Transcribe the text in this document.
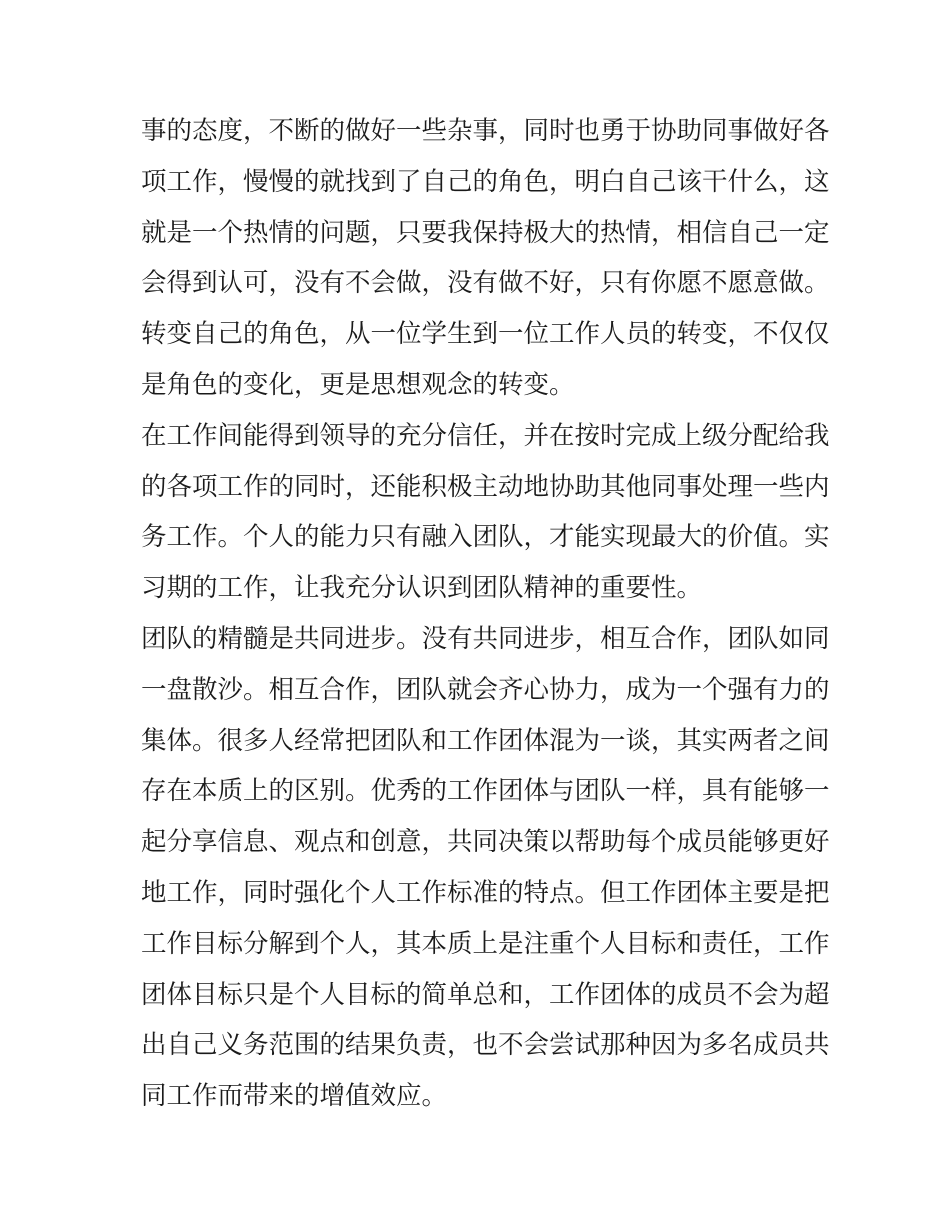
事的态度，不断的做好一些杂事，同时也勇于协助同事做好各
项工作，慢慢的就找到了自己的角色，明白自己该干什么，这
就是一个热情的问题，只要我保持极大的热情，相信自己一定
会得到认可，没有不会做，没有做不好，只有你愿不愿意做。
转变自己的角色，从一位学生到一位工作人员的转变，不仅仅
是角色的变化，更是思想观念的转变。
在工作间能得到领导的充分信任，并在按时完成上级分配给我
的各项工作的同时，还能积极主动地协助其他同事处理一些内
务工作。个人的能力只有融入团队，才能实现最大的价值。实
习期的工作，让我充分认识到团队精神的重要性。
团队的精髓是共同进步。没有共同进步，相互合作，团队如同
一盘散沙。相互合作，团队就会齐心协力，成为一个强有力的
集体。很多人经常把团队和工作团体混为一谈，其实两者之间
存在本质上的区别。优秀的工作团体与团队一样，具有能够一
起分享信息、观点和创意，共同决策以帮助每个成员能够更好
地工作，同时强化个人工作标准的特点。但工作团体主要是把
工作目标分解到个人，其本质上是注重个人目标和责任，工作
团体目标只是个人目标的简单总和，工作团体的成员不会为超
出自己义务范围的结果负责，也不会尝试那种因为多名成员共
同工作而带来的增值效应。
